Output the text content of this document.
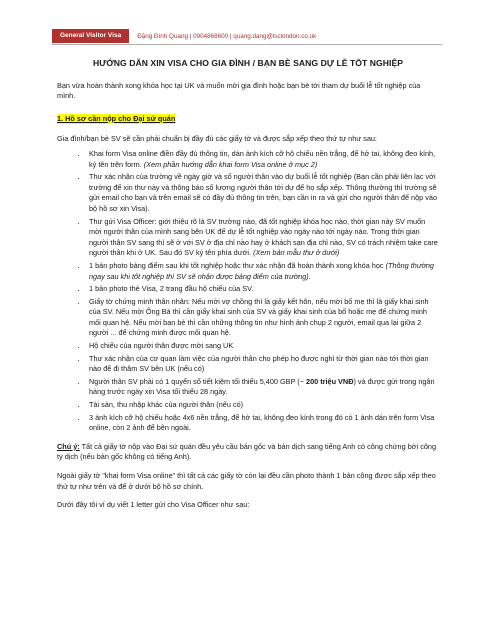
General Visitor Visa	Đặng Đình Quang | 0904868600 | quang.dang@lsclondon.co.uk
HƯỚNG DẪN XIN VISA CHO GIA ĐÌNH / BẠN BÈ SANG DỰ LỄ TỐT NGHIỆP

Bạn vừa hoàn thành xong khóa học tại UK và muốn mời gia đình hoặc bạn bè tới tham dự buổi lễ tốt nghiệp của mình.

1. Hồ sơ cần nộp cho Đại sứ quán

Gia đình/bạn bè SV sẽ cần phải chuẩn bị đầy đủ các giấy tờ và được sắp xếp theo thứ tự như sau:

• Khai form Visa online điền đầy đủ thông tin, dán ảnh kích cỡ hộ chiếu nền trắng, để hở tai, không đeo kính, ký tên trên form. (Xem phần hướng dẫn khai form Visa online ở mục 2)
• Thư xác nhận của trường về ngày giờ và số người thân vào dự buổi lễ tốt nghiệp (Bạn cần phải liên lạc với trường để xin thư này và thông báo số lượng người thân tới dự để họ sắp xếp. Thông thường thì trường sẽ gửi email cho bạn và trên email sẽ có đầy đủ thông tin trên, bạn cần in ra và gửi cho người thân để nộp vào bộ hồ sơ xin Visa).
• Thư gửi Visa Officer: giới thiệu rõ là SV trường nào, đã tốt nghiệp khóa học nào, thời gian này SV muốn mời người thân của mình sang bên UK để dự lễ tốt nghiệp vào ngày nào tới ngày nào. Trong thời gian người thân SV sang thì sẽ ở với SV ở địa chỉ nào hay ở khách sạn địa chỉ nào, SV có trách nhiệm take care người thân khi ở UK. Sau đó SV ký tên phía dưới. (Xem bản mẫu thư ở dưới)
• 1 bản photo bảng điểm sau khi tốt nghiệp hoặc thư xác nhận đã hoàn thành xong khóa học (Thông thường ngay sau khi tốt nghiệp thì SV sẽ nhận được bảng điểm của trường).
• 1 bản photo thẻ Visa, 2 trang đầu hộ chiếu của SV.
• Giấy tờ chứng minh thân nhân: Nếu mời vợ chồng thì là giấy kết hôn, nếu mời bố mẹ thì là giấy khai sinh của SV. Nếu mời Ông Bà thì cần giấy khai sinh của SV và giấy khai sinh của bố hoặc mẹ để chứng minh mối quan hệ. Nếu mời bạn bè thì cần những thông tin như hình ảnh chụp 2 người, email qua lại giữa 2 người ... để chứng minh được mối quan hệ.
• Hộ chiếu của người thân được mời sang UK
• Thư xác nhận của cơ quan làm việc của người thân cho phép họ được nghỉ từ thời gian nào tới thời gian nào để đi thăm SV bên UK (nếu có)
• Người thân SV phải có 1 quyển sổ tiết kiệm tối thiểu 5,400 GBP (~ 200 triệu VNĐ) và được gửi trong ngân hàng trước ngày xin Visa tối thiểu 28 ngày.
• Tài sản, thu nhập khác của người thân (nếu có)
• 3 ảnh kích cỡ hộ chiếu hoặc 4x6 nền trắng, để hở tai, không đeo kính trong đó có 1 ảnh dán trên form Visa online, còn 2 ảnh để bên ngoài.

Chú ý: Tất cả giấy tờ nộp vào Đại sứ quán đều yêu cầu bản gốc và bản dịch sang tiếng Anh có công chứng bởi công ty dịch (nếu bản gốc không có tiếng Anh).

Ngoài giấy tờ "khai form Visa online" thì tất cả các giấy tờ còn lại đều cần photo thành 1 bản công được sắp xếp theo thứ tự như trên và để ở dưới bộ hồ sơ chính.

Dưới đây tôi ví dụ viết 1 letter gửi cho Visa Officer như sau:
